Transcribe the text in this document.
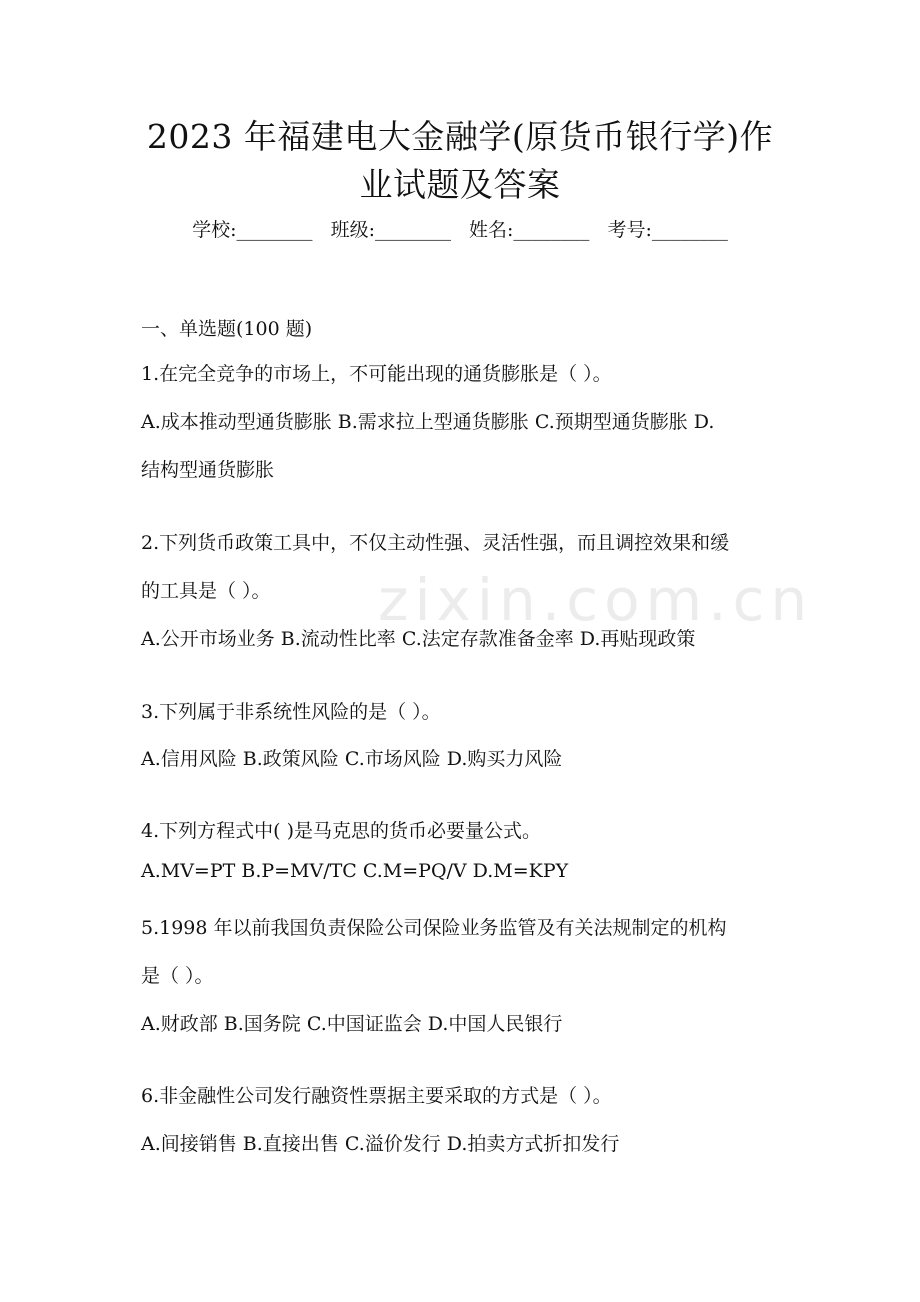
zixin.com.cn
2023 年福建电大金融学(原货币银行学)作
业试题及答案
学校:________ 班级:________ 姓名:________ 考号:________
一、单选题(100 题)
1.在完全竞争的市场上，不可能出现的通货膨胀是（ ）。
A.成本推动型通货膨胀 B.需求拉上型通货膨胀 C.预期型通货膨胀 D.
结构型通货膨胀
2.下列货币政策工具中，不仅主动性强、灵活性强，而且调控效果和缓
的工具是（ ）。
A.公开市场业务 B.流动性比率 C.法定存款准备金率 D.再贴现政策
3.下列属于非系统性风险的是（ ）。
A.信用风险 B.政策风险 C.市场风险 D.购买力风险
4.下列方程式中( )是马克思的货币必要量公式。
A.MV=PT B.P=MV/TC C.M=PQ/V D.M=KPY
5.1998 年以前我国负责保险公司保险业务监管及有关法规制定的机构
是（ ）。
A.财政部 B.国务院 C.中国证监会 D.中国人民银行
6.非金融性公司发行融资性票据主要采取的方式是（ ）。
A.间接销售 B.直接出售 C.溢价发行 D.拍卖方式折扣发行
